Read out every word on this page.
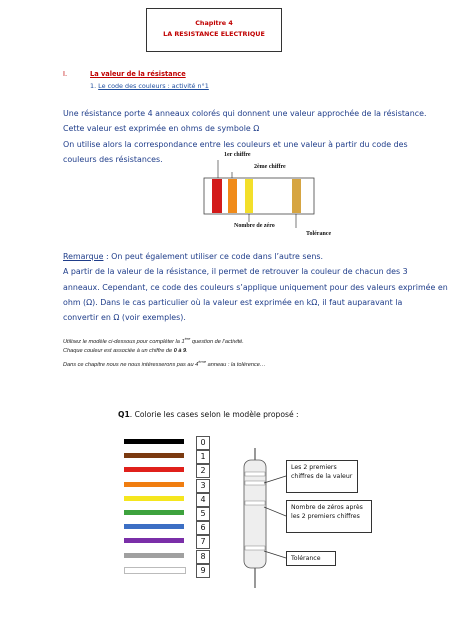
Chapitre 4
LA RESISTANCE ELECTRIQUE
I.	La valeur de la résistance
1. Le code des couleurs : activité n°1

Une résistance porte 4 anneaux colorés qui donnent une valeur approchée de la résistance.

Cette valeur est exprimée en ohms de symbole Ω

On utilise alors la correspondance entre les couleurs et une valeur à partir du code des

couleurs des résistances.	1er chiffre
2ème chiffre
Nombre de zéro
Tolérance

Remarque : On peut également utiliser ce code dans l’autre sens.

A partir de la valeur de la résistance, il permet de retrouver la couleur de chacun des 3

anneaux. Cependant, ce code des couleurs s’applique uniquement pour des valeurs exprimée en

ohm (Ω). Dans le cas particulier où la valeur est exprimée en kΩ, il faut auparavant la

convertir en Ω (voir exemples).

Utilisez le modèle ci-dessous pour compléter la 1ère question de l’activité.

Chaque couleur est associée à un chiffre de 0 à 9.

Dans ce chapitre nous ne nous intéresserons pas au 4ème anneau : la tolérence…

Q1. Colorie les cases selon le modèle proposé :
0
1
2
3
4
5
6
7
8
9
Les 2 premiers chiffres de la valeur
Nombre de zéros après les 2 premiers chiffres
Tolérance
